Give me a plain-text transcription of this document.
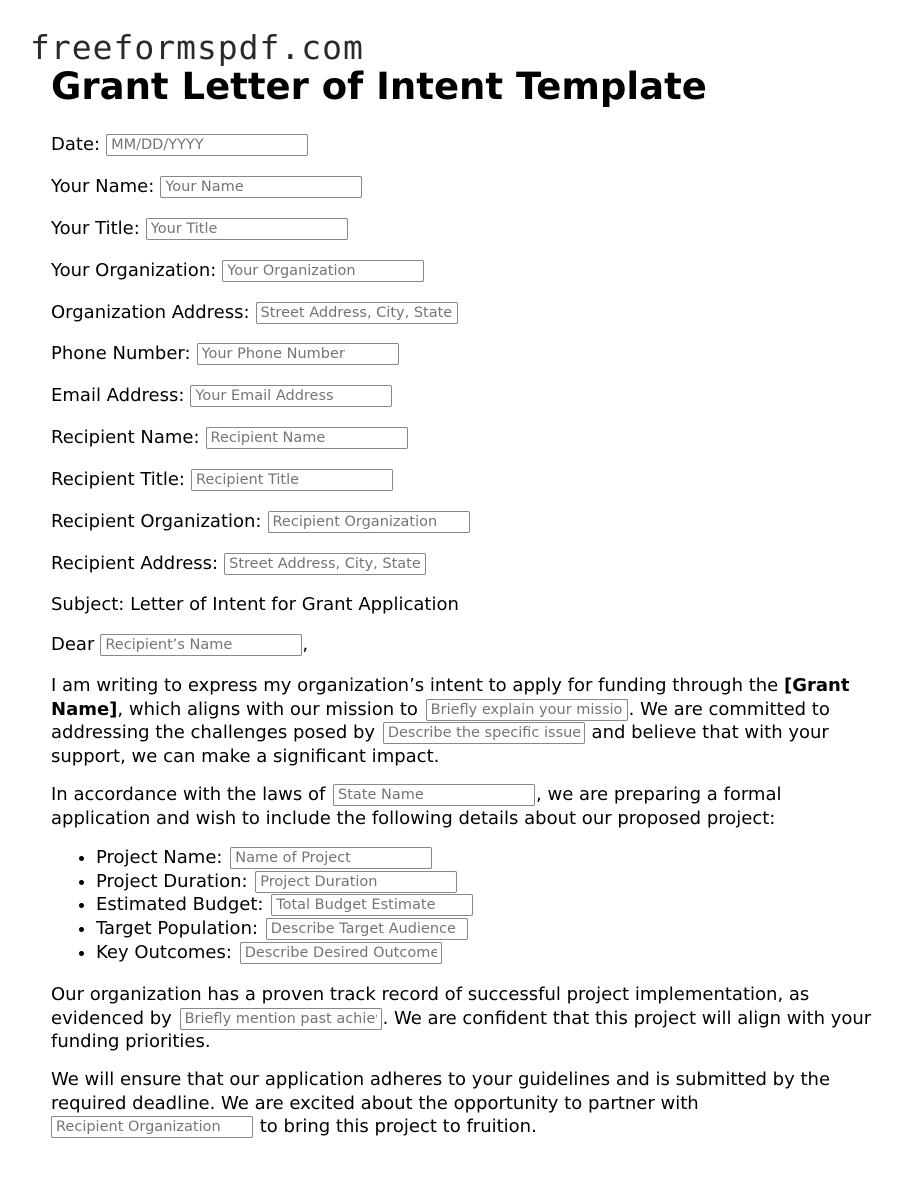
freeformspdf.com
Grant Letter of Intent Template
Date:
MM/DD/YYYY
Your Name:
Your Name
Your Title:
Your Title
Your Organization:
Your Organization
Organization Address:
Street Address, City, State
Phone Number:
Your Phone Number
Email Address:
Your Email Address
Recipient Name:
Recipient Name
Recipient Title:
Recipient Title
Recipient Organization:
Recipient Organization
Recipient Address:
Street Address, City, State
Subject: Letter of Intent for Grant Application
Dear
Recipient’s Name	,
I am writing to express my organization’s intent to apply for funding through the [Grant Name], which aligns with our mission to Briefly explain your mission	. We are committed to addressing the challenges posed by Describe the specific issue	and believe that with your support, we can make a significant impact.
In accordance with the laws of State Name	, we are preparing a formal application and wish to include the following details about our proposed project:
• Project Name: Name of Project
• Project Duration: Project Duration
• Estimated Budget: Total Budget Estimate
• Target Population: Describe Target Audience
• Key Outcomes: Describe Desired Outcomes
Our organization has a proven track record of successful project implementation, as evidenced by Briefly mention past achievements	. We are confident that this project will align with your funding priorities.
We will ensure that our application adheres to your guidelines and is submitted by the required deadline. We are excited about the opportunity to partner with Recipient Organization to bring this project to fruition.
